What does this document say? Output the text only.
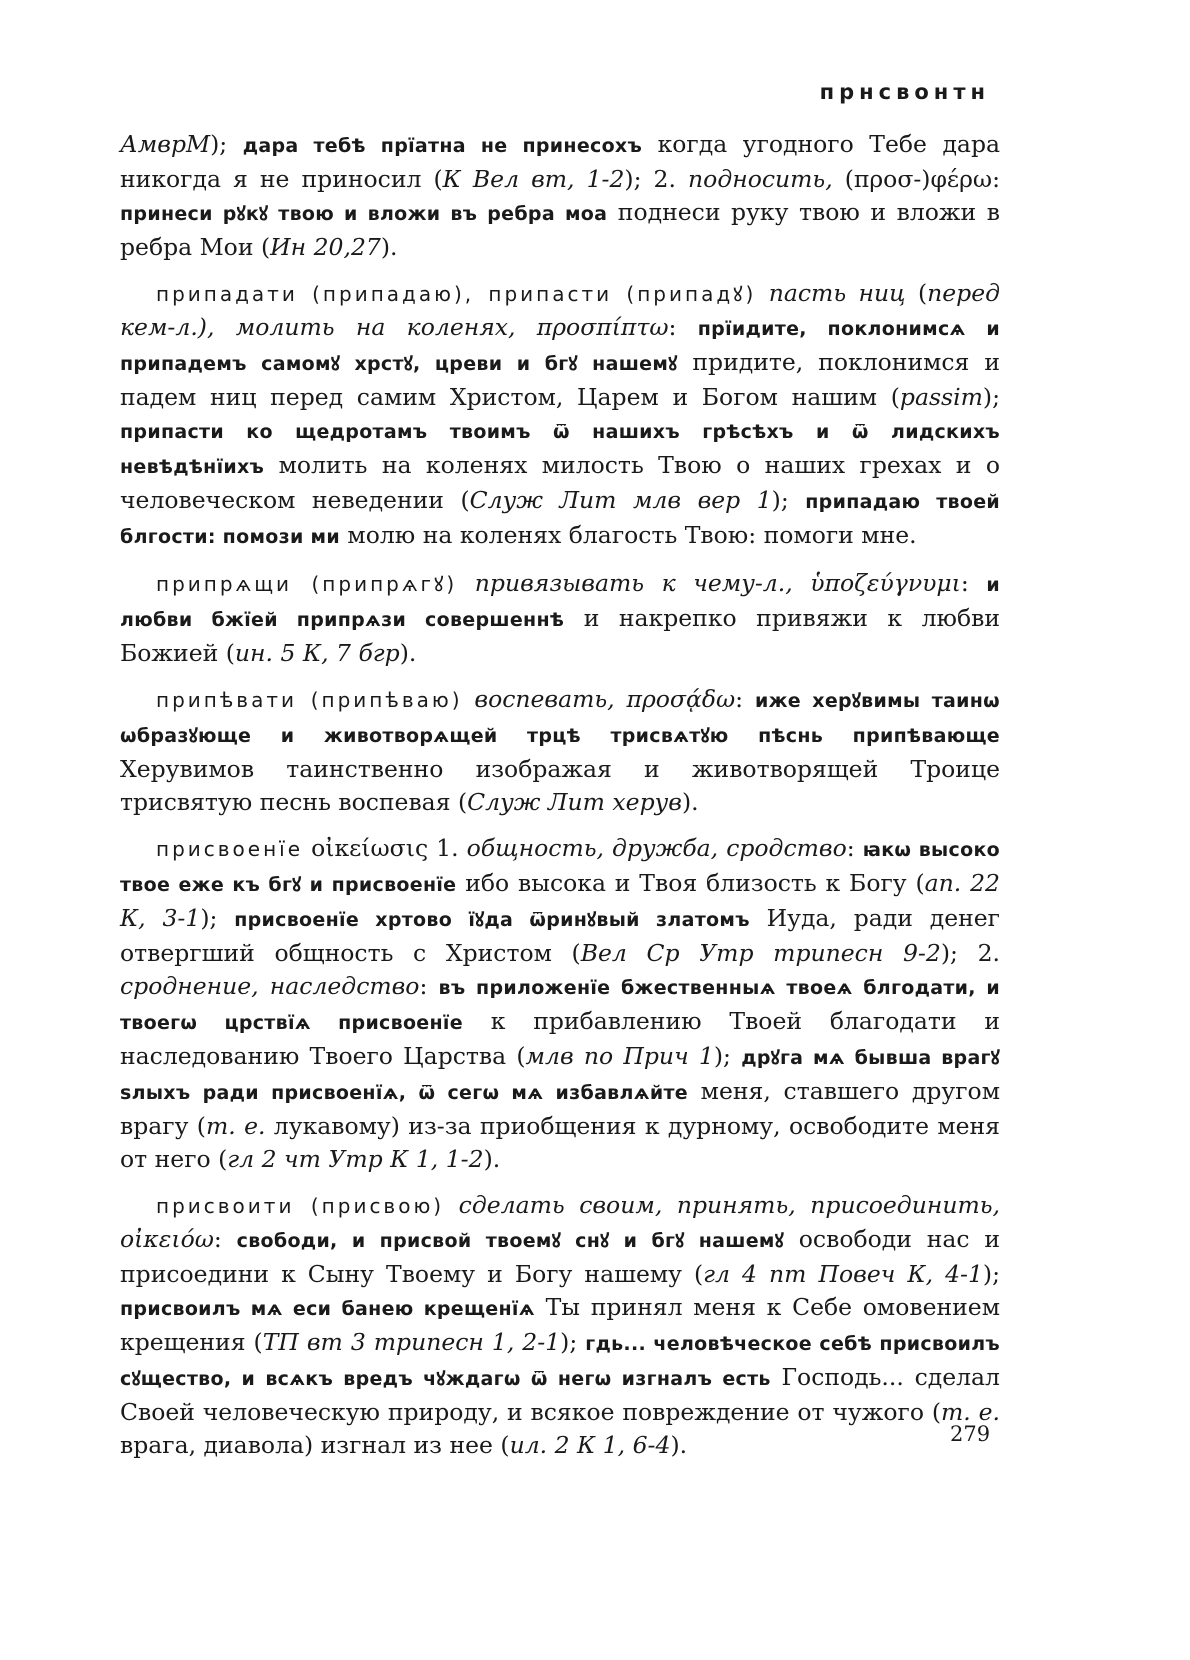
прнсвонтн

АмврМ); дара тебѣ прїатна не принесохъ когда угодного Тебе дара никогда я не приносил (К Вел вт, 1-2); 2. подносить, (προσ-)φέρω: принеси рꙋкꙋ твою и вложи въ ребра моа поднеси руку твою и вложи в ребра Мои (Ин 20,27).

припадати (припадаю), припасти (припадꙋ) пасть ниц (перед кем-л.), молить на коленях, προσπίπτω: прїидите, поклонимсѧ и припадемъ самомꙋ хрстꙋ, цреви и бгꙋ нашемꙋ придите, поклонимся и падем ниц перед самим Христом, Царем и Богом нашим (passim); припасти ко щедротамъ твоимъ ѿ нашихъ грѣсѣхъ и ѿ лидскихъ невѣдѣнїихъ молить на коленях милость Твою о наших грехах и о человеческом неведении (Служ Лит млв вер 1); припадаю твоей блгости: помози ми молю на коленях благость Твою: помоги мне.

припрѧщи (припрѧгꙋ) привязывать к чему-л., ὑποζεύγνυμι: и любви бжїей припрѧзи совершеннѣ и накрепко привяжи к любви Божией (ин. 5 К, 7 бгр).

припѣвати (припѣваю) воспевать, προσᾴδω: иже херꙋвимы таинѡ ѡбразꙋюще и животворѧщей трцѣ трисвѧтꙋю пѣснь припѣвающе Херувимов таинственно изображая и животворящей Троице трисвятую песнь воспевая (Служ Лит херув).

присвоенїе οἰκείωσις 1. общность, дружба, сродство: ꙗкѡ высоко твое еже къ бгꙋ и присвоенїе ибо высока и Твоя близость к Богу (ап. 22 К, 3-1); присвоенїе хртово їꙋда ѿринꙋвый златомъ Иуда, ради денег отвергший общность с Христом (Вел Ср Утр трипесн 9-2); 2. сроднение, наследство: въ приложенїе бжественныѧ твоеѧ блгодати, и твоегѡ црствїѧ присвоенїе к прибавлению Твоей благодати и наследованию Твоего Царства (млв по Прич 1); дрꙋга мѧ бывша врагꙋ ѕлыхъ ради присвоенїѧ, ѿ сегѡ мѧ избавлѧйте меня, ставшего другом врагу (т. е. лукавому) из-за приобщения к дурному, освободите меня от него (гл 2 чт Утр К 1, 1-2).

присвоити (присвою) сделать своим, принять, присоединить, οἰκειόω: свободи, и присвой твоемꙋ снꙋ и бгꙋ нашемꙋ освободи нас и присоедини к Сыну Твоему и Богу нашему (гл 4 пт Повеч К, 4-1); присвоилъ мѧ еси банею крещенїѧ Ты принял меня к Себе омовением крещения (ТП вт 3 трипесн 1, 2-1); гдь... человѣческое себѣ присвоилъ сꙋщество, и всѧкъ вредъ чꙋждагѡ ѿ негѡ изгналъ есть Господь... сделал Своей человеческую природу, и всякое повреждение от чужого (т. е. врага, диавола) изгнал из нее (ил. 2 К 1, 6-4).	279
